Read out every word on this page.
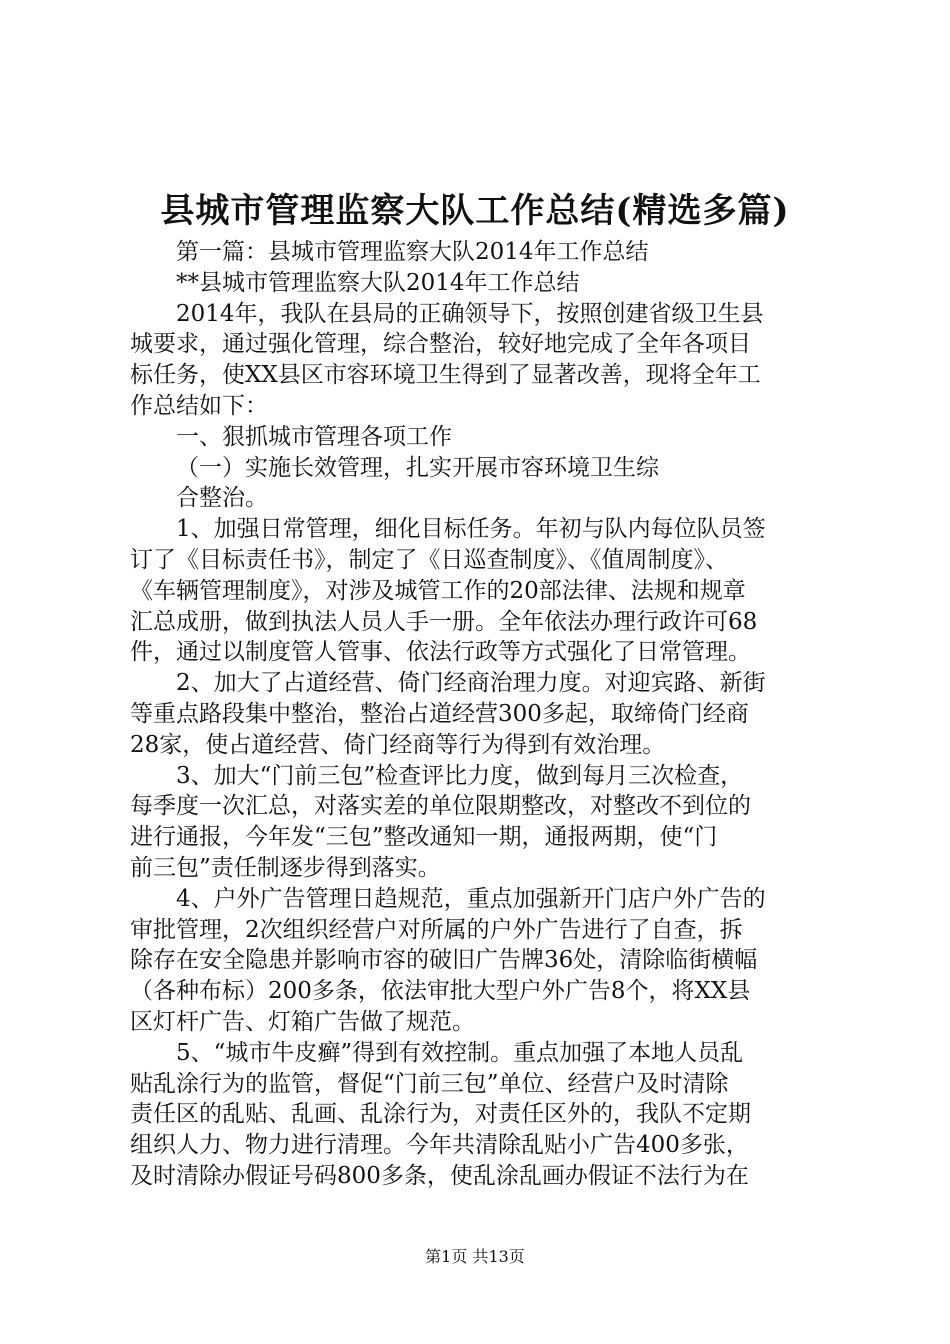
县城市管理监察大队工作总结(精选多篇)
第一篇：县城市管理监察大队2014年工作总结
**县城市管理监察大队2014年工作总结
2014年，我队在县局的正确领导下，按照创建省级卫生县
城要求，通过强化管理，综合整治，较好地完成了全年各项目
标任务，使XX县区市容环境卫生得到了显著改善，现将全年工
作总结如下：
一、狠抓城市管理各项工作
（一）实施长效管理，扎实开展市容环境卫生综
合整治。
1、加强日常管理，细化目标任务。年初与队内每位队员签
订了《目标责任书》，制定了《日巡查制度》、《值周制度》、
《车辆管理制度》，对涉及城管工作的20部法律、法规和规章
汇总成册，做到执法人员人手一册。全年依法办理行政许可68
件，通过以制度管人管事、依法行政等方式强化了日常管理。
2、加大了占道经营、倚门经商治理力度。对迎宾路、新街
等重点路段集中整治，整治占道经营300多起，取缔倚门经商
28家，使占道经营、倚门经商等行为得到有效治理。
3、加大“门前三包”检查评比力度，做到每月三次检查，
每季度一次汇总，对落实差的单位限期整改，对整改不到位的
进行通报，今年发“三包”整改通知一期，通报两期，使“门
前三包”责任制逐步得到落实。
4、户外广告管理日趋规范，重点加强新开门店户外广告的
审批管理，2次组织经营户对所属的户外广告进行了自查，拆
除存在安全隐患并影响市容的破旧广告牌36处，清除临街横幅
（各种布标）200多条，依法审批大型户外广告8个，将XX县
区灯杆广告、灯箱广告做了规范。
5、“城市牛皮癣”得到有效控制。重点加强了本地人员乱
贴乱涂行为的监管，督促“门前三包”单位、经营户及时清除
责任区的乱贴、乱画、乱涂行为，对责任区外的，我队不定期
组织人力、物力进行清理。今年共清除乱贴小广告400多张，
及时清除办假证号码800多条，使乱涂乱画办假证不法行为在
第1页 共13页
